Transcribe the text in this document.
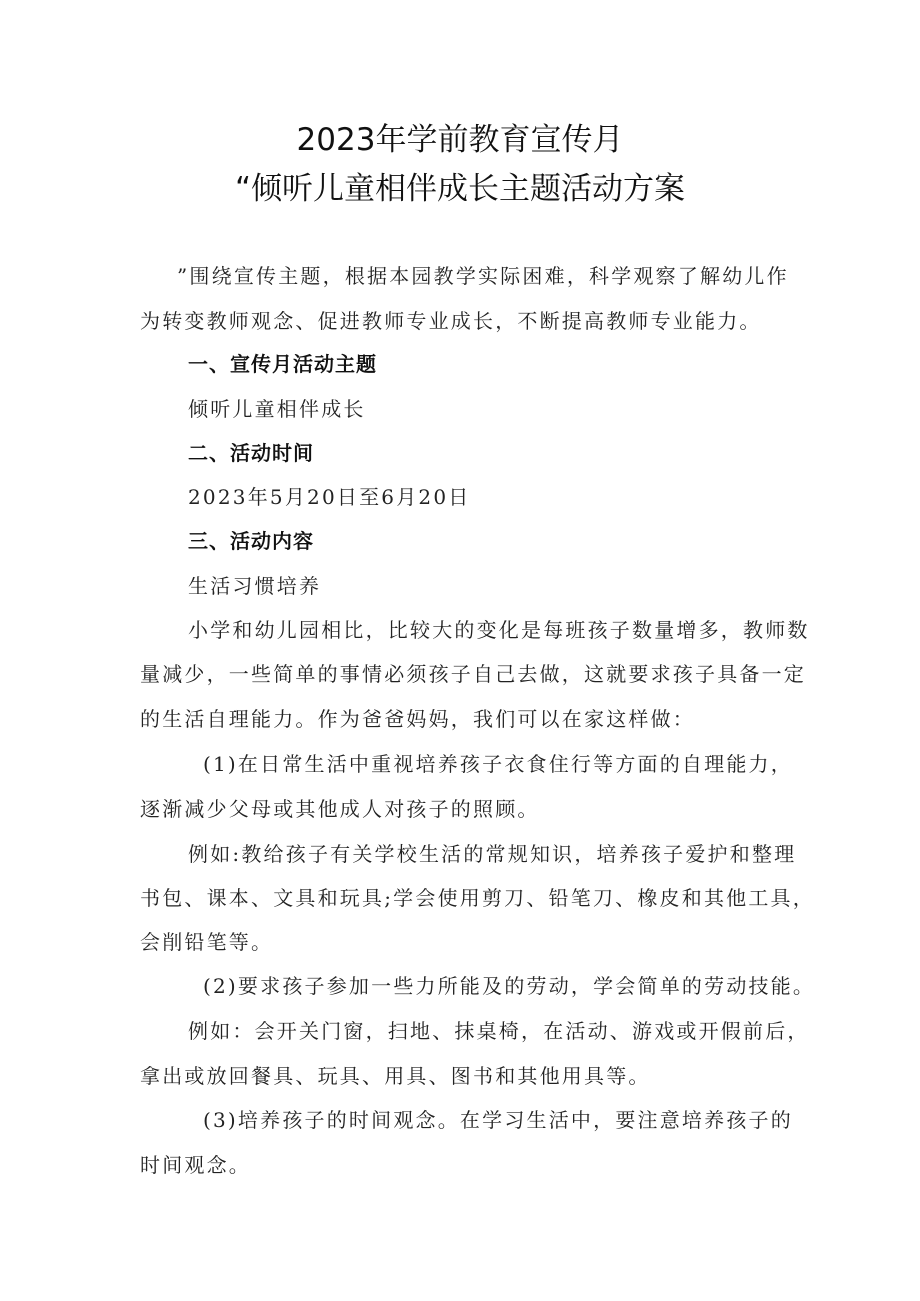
2023年学前教育宣传月
“倾听儿童相伴成长主题活动方案

”围绕宣传主题，根据本园教学实际困难，科学观察了解幼儿作

为转变教师观念、促进教师专业成长，不断提高教师专业能力。

一、宣传月活动主题

倾听儿童相伴成长

二、活动时间

2023年5月20日至6月20日

三、活动内容

生活习惯培养

小学和幼儿园相比，比较大的变化是每班孩子数量增多，教师数

量减少，一些简单的事情必须孩子自己去做，这就要求孩子具备一定

的生活自理能力。作为爸爸妈妈，我们可以在家这样做：

(1)在日常生活中重视培养孩子衣食住行等方面的自理能力，

逐渐减少父母或其他成人对孩子的照顾。

例如:教给孩子有关学校生活的常规知识，培养孩子爱护和整理

书包、课本、文具和玩具;学会使用剪刀、铅笔刀、橡皮和其他工具，

会削铅笔等。

(2)要求孩子参加一些力所能及的劳动，学会简单的劳动技能。

例如：会开关门窗，扫地、抹桌椅，在活动、游戏或开假前后，

拿出或放回餐具、玩具、用具、图书和其他用具等。

(3)培养孩子的时间观念。在学习生活中，要注意培养孩子的

时间观念。
